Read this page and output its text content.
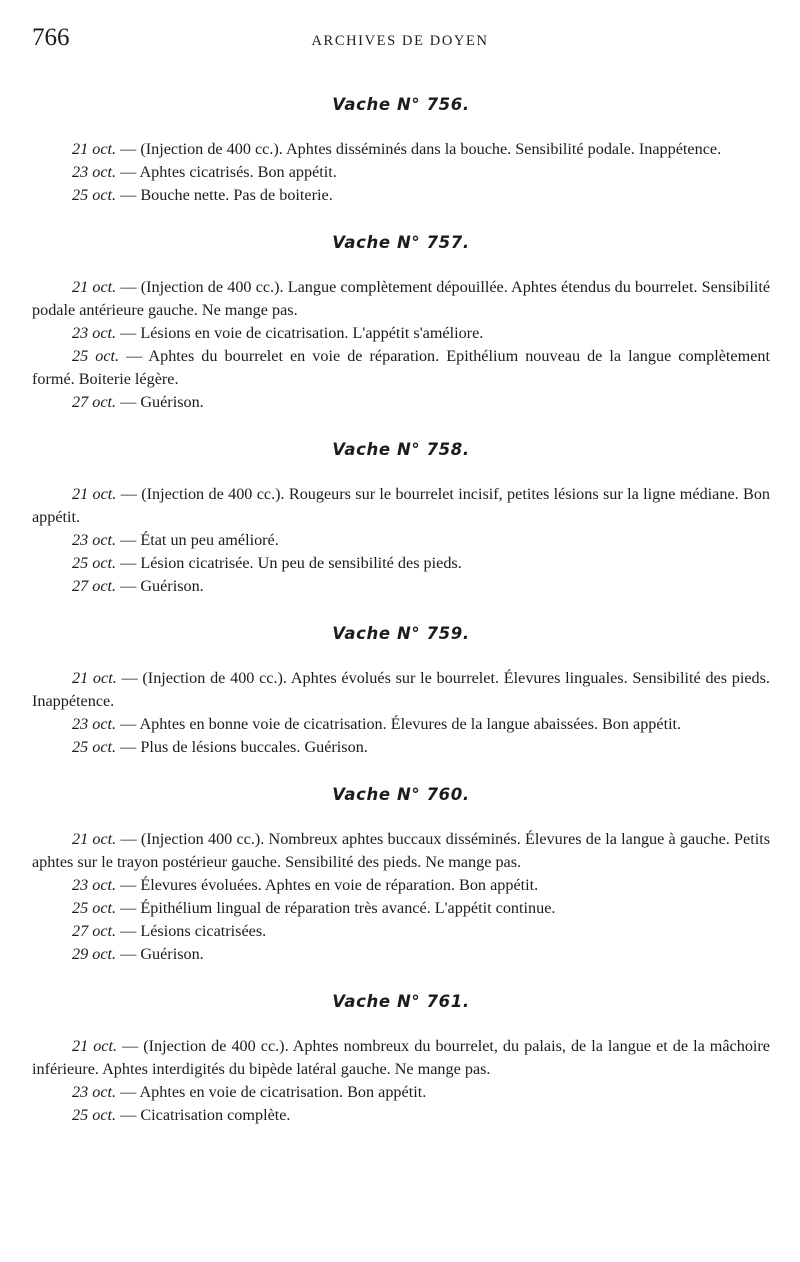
766	ARCHIVES DE DOYEN
Vache N° 756.

21 oct. — (Injection de 400 cc.). Aphtes disséminés dans la bouche. Sensibilité podale. Inappétence.

23 oct. — Aphtes cicatrisés. Bon appétit.

25 oct. — Bouche nette. Pas de boiterie.

Vache N° 757.

21 oct. — (Injection de 400 cc.). Langue complètement dépouillée. Aphtes étendus du bourrelet. Sensibilité podale antérieure gauche. Ne mange pas.

23 oct. — Lésions en voie de cicatrisation. L'appétit s'améliore.

25 oct. — Aphtes du bourrelet en voie de réparation. Epithélium nouveau de la langue complètement formé. Boiterie légère.

27 oct. — Guérison.

Vache N° 758.

21 oct. — (Injection de 400 cc.). Rougeurs sur le bourrelet incisif, petites lésions sur la ligne médiane. Bon appétit.

23 oct. — État un peu amélioré.

25 oct. — Lésion cicatrisée. Un peu de sensibilité des pieds.

27 oct. — Guérison.

Vache N° 759.

21 oct. — (Injection de 400 cc.). Aphtes évolués sur le bourrelet. Élevures linguales. Sensibilité des pieds. Inappétence.

23 oct. — Aphtes en bonne voie de cicatrisation. Élevures de la langue abaissées. Bon appétit.

25 oct. — Plus de lésions buccales. Guérison.

Vache N° 760.

21 oct. — (Injection 400 cc.). Nombreux aphtes buccaux disséminés. Élevures de la langue à gauche. Petits aphtes sur le trayon postérieur gauche. Sensibilité des pieds. Ne mange pas.

23 oct. — Élevures évoluées. Aphtes en voie de réparation. Bon appétit.

25 oct. — Épithélium lingual de réparation très avancé. L'appétit continue.

27 oct. — Lésions cicatrisées.

29 oct. — Guérison.

Vache N° 761.

21 oct. — (Injection de 400 cc.). Aphtes nombreux du bourrelet, du palais, de la langue et de la mâchoire inférieure. Aphtes interdigités du bipède latéral gauche. Ne mange pas.

23 oct. — Aphtes en voie de cicatrisation. Bon appétit.

25 oct. — Cicatrisation complète.
